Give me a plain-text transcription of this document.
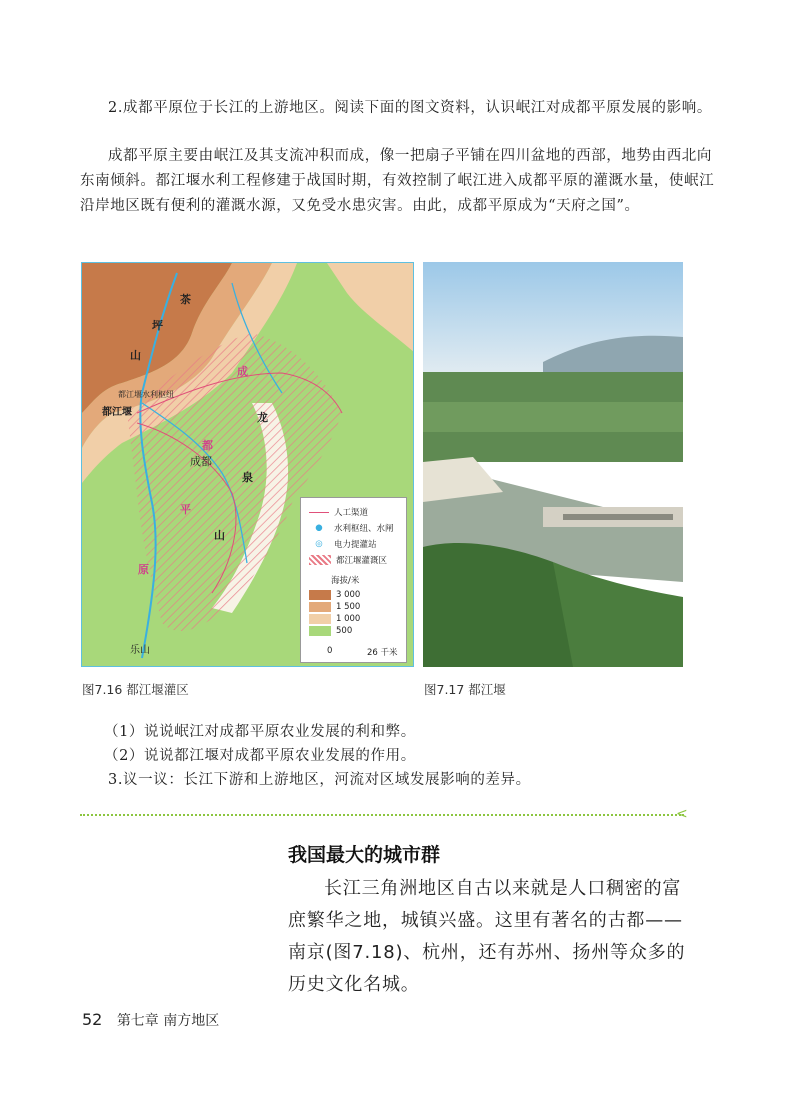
2.成都平原位于长江的上游地区。阅读下面的图文资料，认识岷江对成都平原发展的影响。

成都平原主要由岷江及其支流冲积而成，像一把扇子平铺在四川盆地的西部，地势由西北向东南倾斜。都江堰水利工程修建于战国时期，有效控制了岷江进入成都平原的灌溉水量，使岷江沿岸地区既有便利的灌溉水源，又免受水患灾害。由此，成都平原成为“天府之国”。

茶
坪
山
成
都
平
原
龙
泉
山
都江堰水利枢纽
都江堰
成都
乐山
人工渠道
●	水利枢纽、水闸
◎	电力提灌站
都江堰灌溉区
海拔/米
3 000
1 500
1 000
500
0	26 千米
图7.16 都江堰灌区	图7.17 都江堰

（1）说说岷江对成都平原农业发展的利和弊。

（2）说说都江堰对成都平原农业发展的作用。

3.议一议：长江下游和上游地区，河流对区域发展影响的差异。

<
我国最大的城市群

长江三角洲地区自古以来就是人口稠密的富庶繁华之地，城镇兴盛。这里有著名的古都——南京(图7.18)、杭州，还有苏州、扬州等众多的历史文化名城。

52 第七章 南方地区
